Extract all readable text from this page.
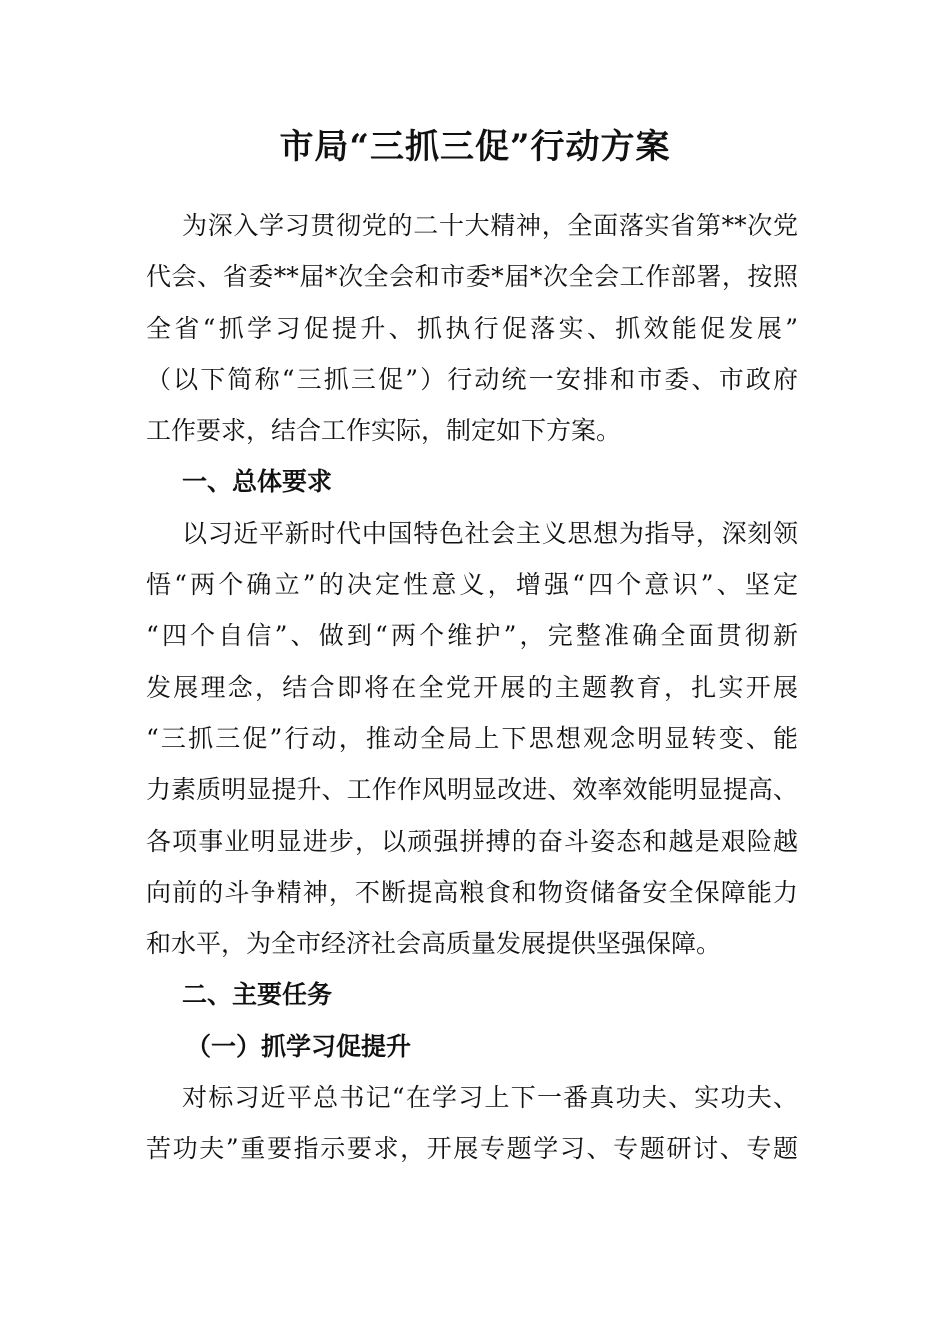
市局“三抓三促”行动方案
为深入学习贯彻党的二十大精神，全面落实省第**次党
代会、省委**届*次全会和市委*届*次全会工作部署，按照
全省“抓学习促提升、抓执行促落实、抓效能促发展”
（以下简称“三抓三促”）行动统一安排和市委、市政府
工作要求，结合工作实际，制定如下方案。
一、总体要求
以习近平新时代中国特色社会主义思想为指导，深刻领
悟“两个确立”的决定性意义，增强“四个意识”、坚定
“四个自信”、做到“两个维护”，完整准确全面贯彻新
发展理念，结合即将在全党开展的主题教育，扎实开展
“三抓三促”行动，推动全局上下思想观念明显转变、能
力素质明显提升、工作作风明显改进、效率效能明显提高、
各项事业明显进步，以顽强拼搏的奋斗姿态和越是艰险越
向前的斗争精神，不断提高粮食和物资储备安全保障能力
和水平，为全市经济社会高质量发展提供坚强保障。
二、主要任务
（一）抓学习促提升
对标习近平总书记“在学习上下一番真功夫、实功夫、
苦功夫”重要指示要求，开展专题学习、专题研讨、专题
